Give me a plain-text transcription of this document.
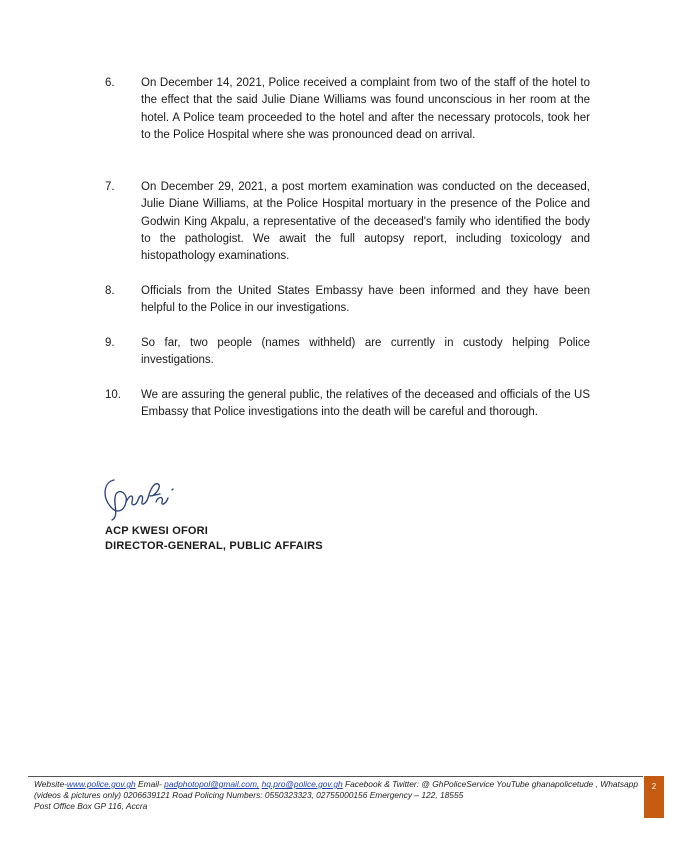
6. On December 14, 2021, Police received a complaint from two of the staff of the hotel to the effect that the said Julie Diane Williams was found unconscious in her room at the hotel. A Police team proceeded to the hotel and after the necessary protocols, took her to the Police Hospital where she was pronounced dead on arrival.
7. On December 29, 2021, a post mortem examination was conducted on the deceased, Julie Diane Williams, at the Police Hospital mortuary in the presence of the Police and Godwin King Akpalu, a representative of the deceased's family who identified the body to the pathologist. We await the full autopsy report, including toxicology and histopathology examinations.
8. Officials from the United States Embassy have been informed and they have been helpful to the Police in our investigations.
9. So far, two people (names withheld) are currently in custody helping Police investigations.
10. We are assuring the general public, the relatives of the deceased and officials of the US Embassy that Police investigations into the death will be careful and thorough.
ACP KWESI OFORI
DIRECTOR-GENERAL, PUBLIC AFFAIRS
Website-www.police.gov.gh Email- padphotopol@gmail.com, hq.pro@police.gov.gh Facebook & Twitter: @ GhPoliceService YouTube ghanapolicetude , Whatsapp (videos & pictures only) 0206639121 Road Policing Numbers: 0550323323, 02755000156 Emergency – 122, 18555
Post Office Box GP 116, Accra
2
